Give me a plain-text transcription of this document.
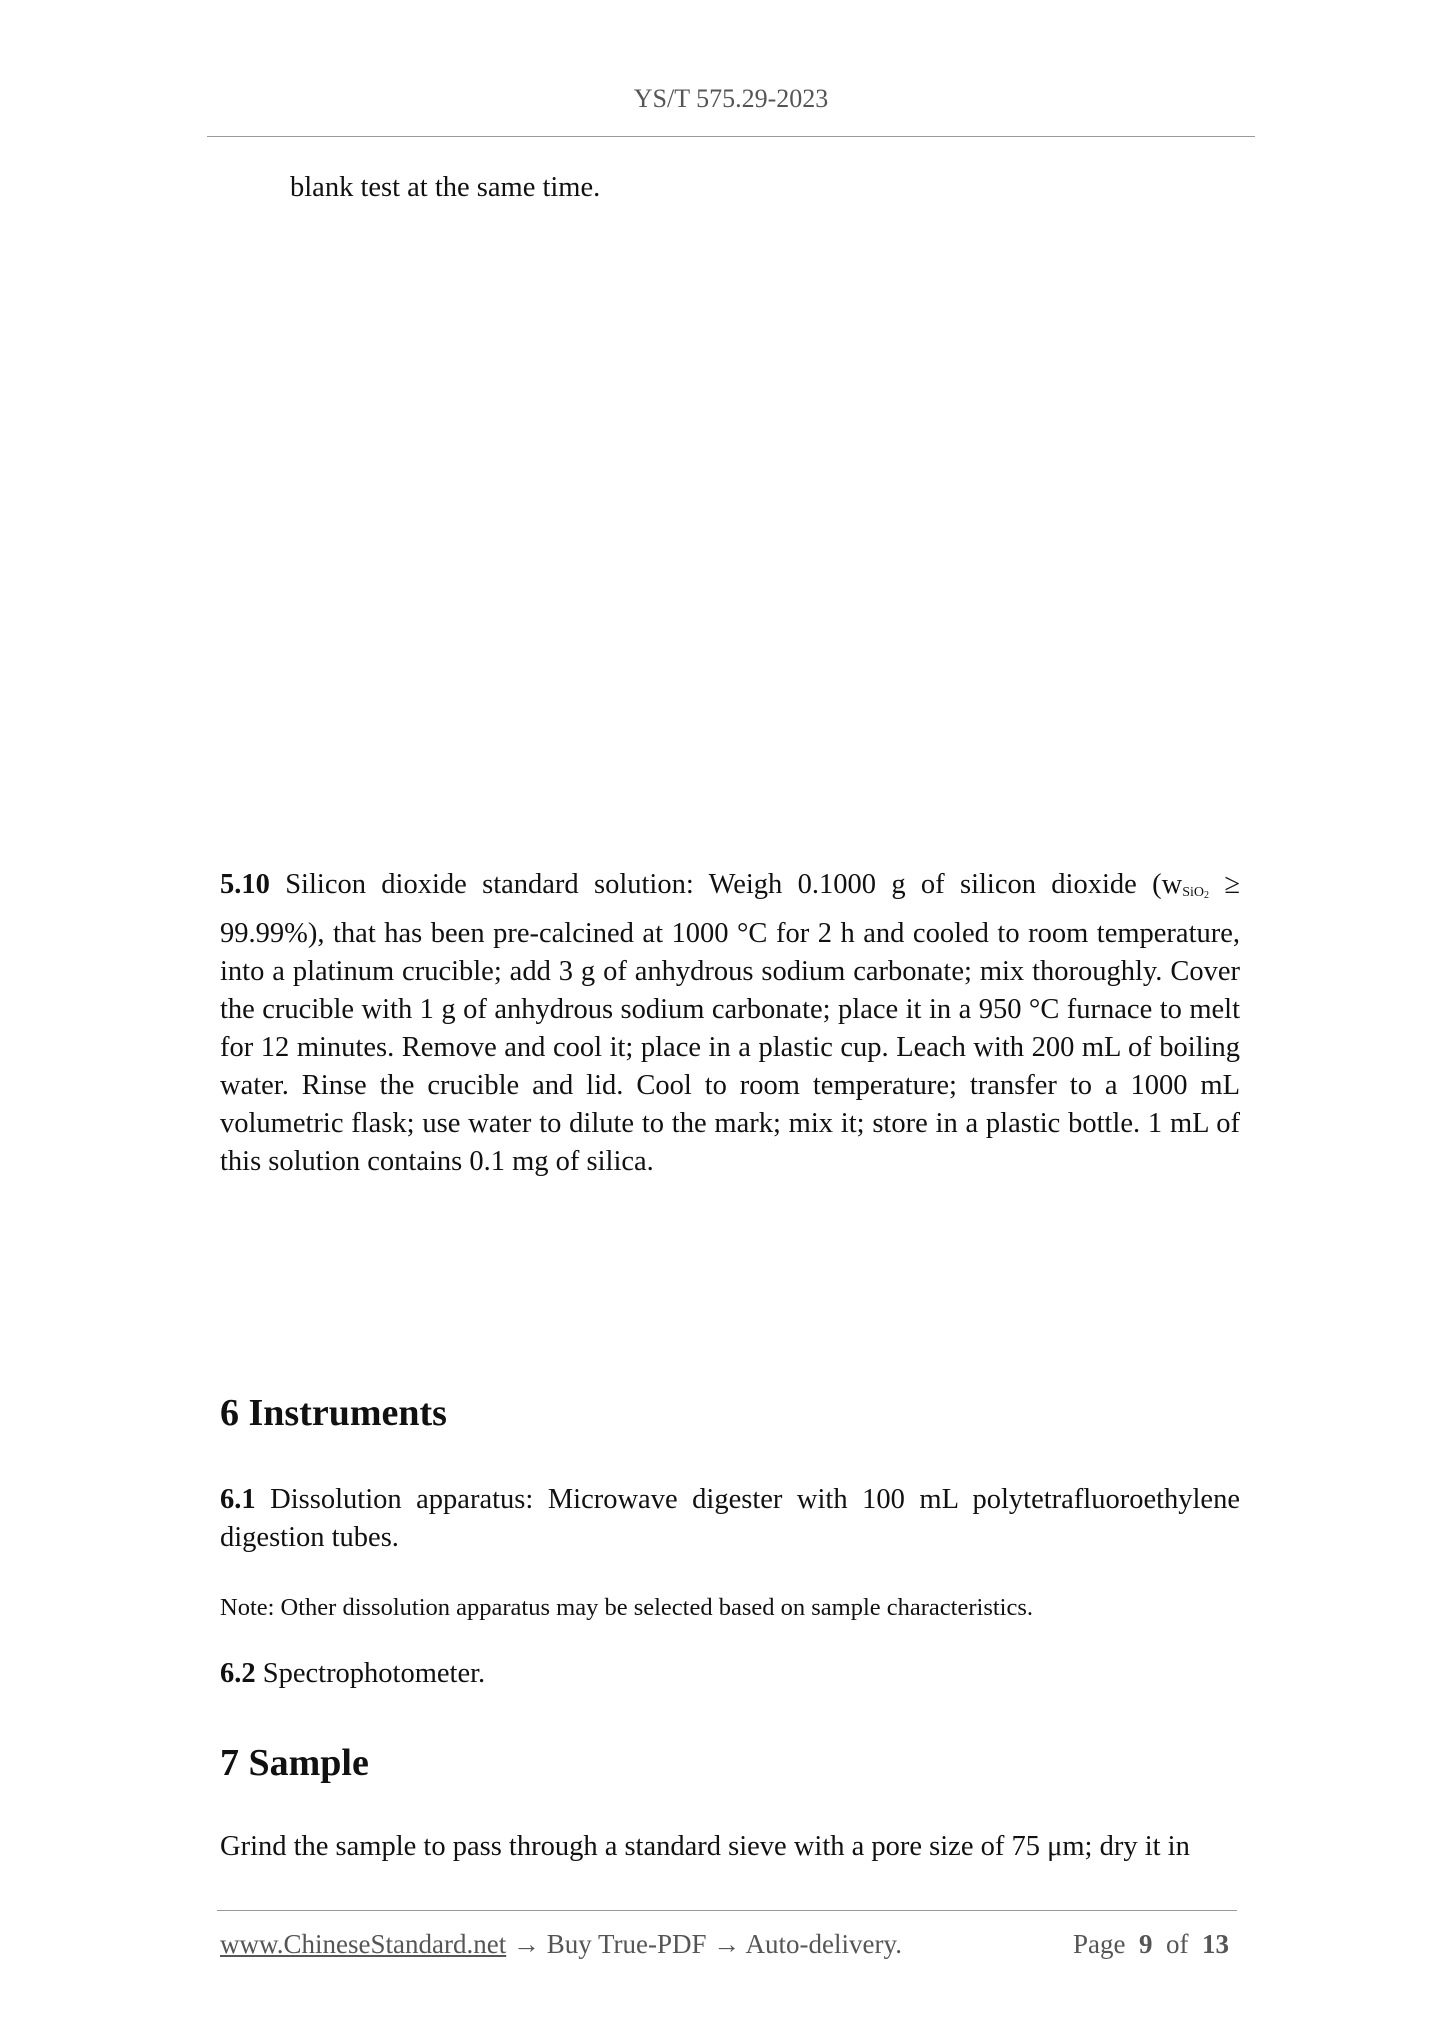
YS/T 575.29-2023
blank test at the same time.
5.10 Silicon dioxide standard solution: Weigh 0.1000 g of silicon dioxide $(w_{SiO2} \ge 99.99\%)$, that has been pre-calcined at 1000 °C for 2 h and cooled to room temperature, into a platinum crucible; add 3 g of anhydrous sodium carbonate; mix thoroughly. Cover the crucible with 1 g of anhydrous sodium carbonate; place it in a 950 °C furnace to melt for 12 minutes. Remove and cool it; place in a plastic cup. Leach with 200 mL of boiling water. Rinse the crucible and lid. Cool to room temperature; transfer to a 1000 mL volumetric flask; use water to dilute to the mark; mix it; store in a plastic bottle. 1 mL of this solution contains 0.1 mg of silica.
6 Instruments
6.1 Dissolution apparatus: Microwave digester with 100 mL polytetrafluoroethylene digestion tubes.
Note: Other dissolution apparatus may be selected based on sample characteristics.
6.2 Spectrophotometer.
7 Sample
Grind the sample to pass through a standard sieve with a pore size of 75 μm; dry it in
www.ChineseStandard.net → Buy True-PDF → Auto-delivery.	Page 9 of 13
